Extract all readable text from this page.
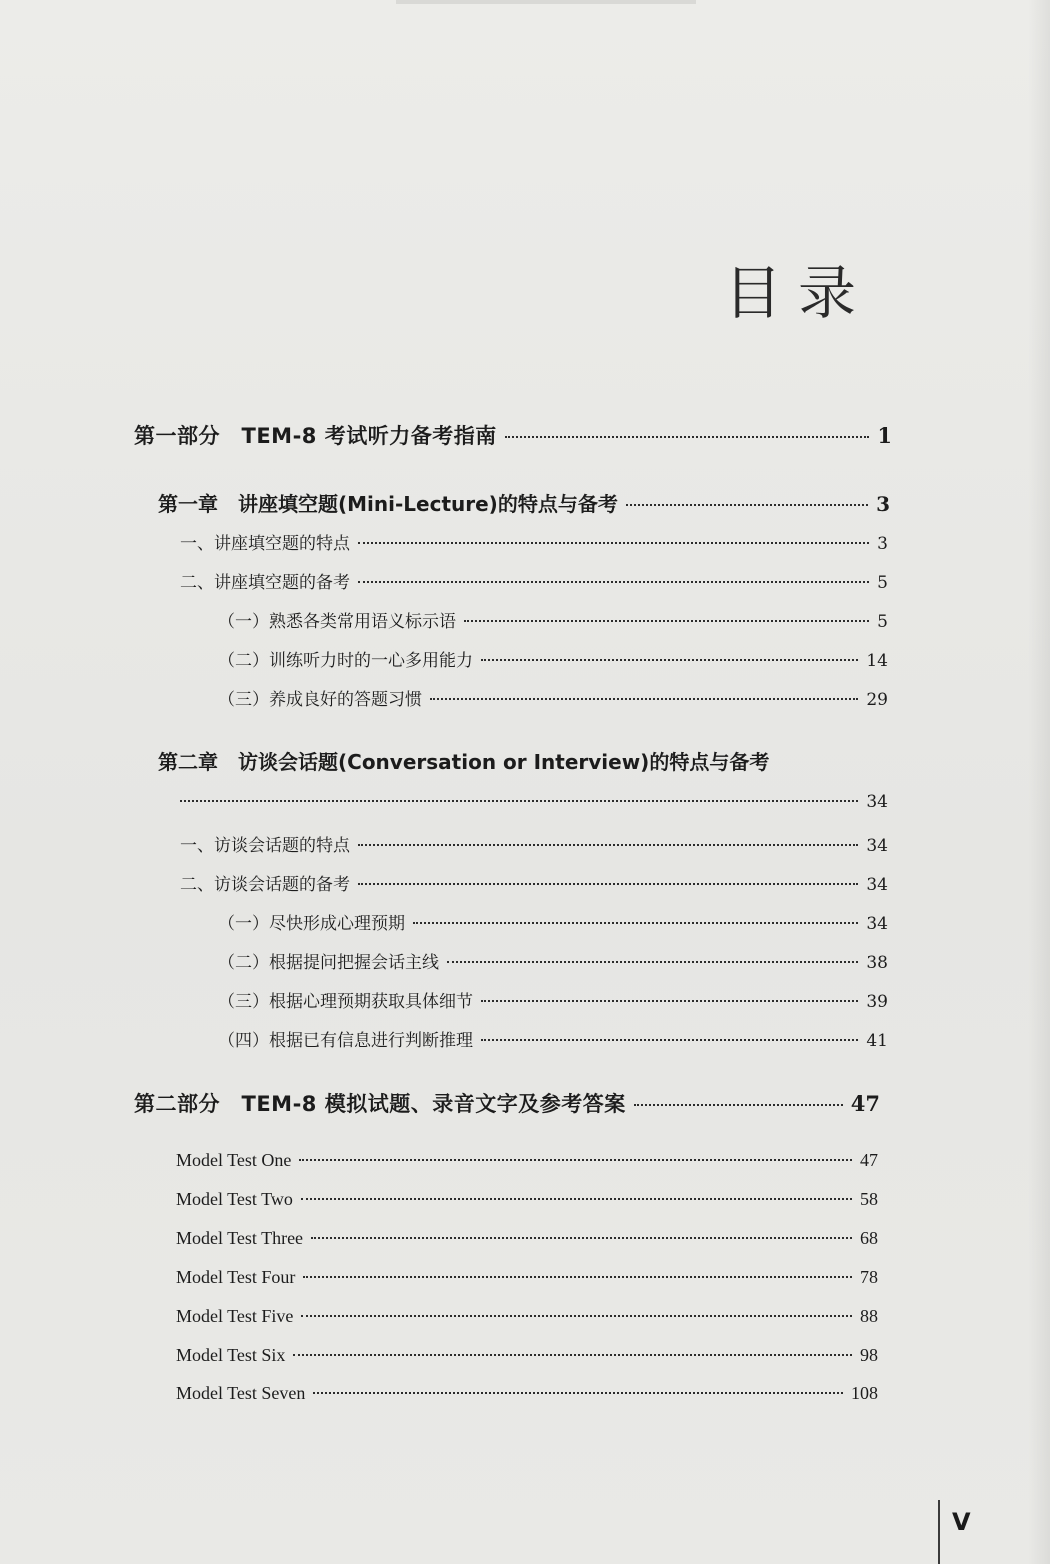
目录
第一部分　TEM-8 考试听力备考指南	1
第一章　讲座填空题(Mini-Lecture)的特点与备考	3
一、讲座填空题的特点	3
二、讲座填空题的备考	5
（一）熟悉各类常用语义标示语	5
（二）训练听力时的一心多用能力	14
（三）养成良好的答题习惯	29
第二章　访谈会话题(Conversation or Interview)的特点与备考
34
一、访谈会话题的特点	34
二、访谈会话题的备考	34
（一）尽快形成心理预期	34
（二）根据提问把握会话主线	38
（三）根据心理预期获取具体细节	39
（四）根据已有信息进行判断推理	41
第二部分　TEM-8 模拟试题、录音文字及参考答案	47
Model Test One	47
Model Test Two	58
Model Test Three	68
Model Test Four	78
Model Test Five	88
Model Test Six	98
Model Test Seven	108
V
